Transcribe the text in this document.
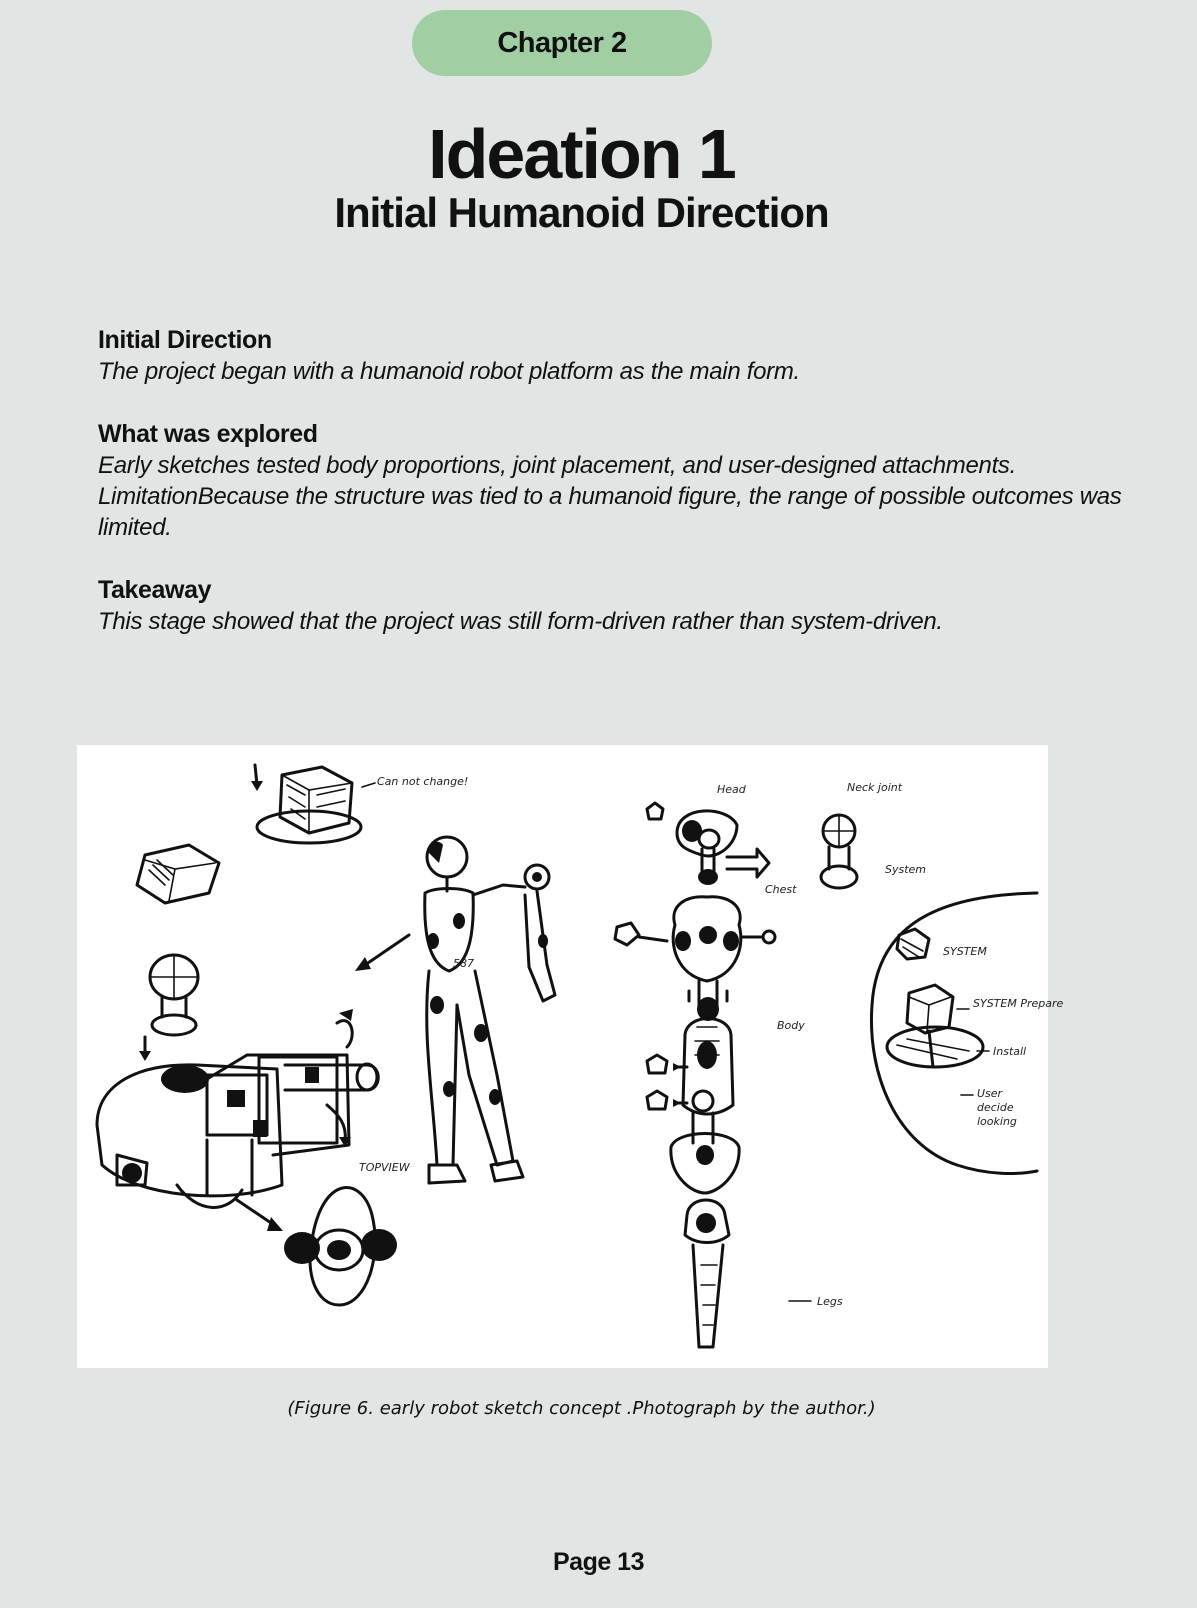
Chapter 2
Ideation 1
Initial Humanoid Direction
Initial Direction

The project began with a humanoid robot platform as the main form.

What was explored

Early sketches tested body proportions, joint placement, and user-designed attachments. LimitationBecause the structure was tied to a humanoid figure, the range of possible outcomes was limited.

Takeaway

This stage showed that the project was still form-driven rather than system-driven.

Can not change!
TOPVIEW
587
Head
Chest
Body
Legs
Neck joint
System
SYSTEM
SYSTEM Prepare
Install
User
decide
looking
(Figure 6. early robot sketch concept .Photograph by the author.)
Page 13
